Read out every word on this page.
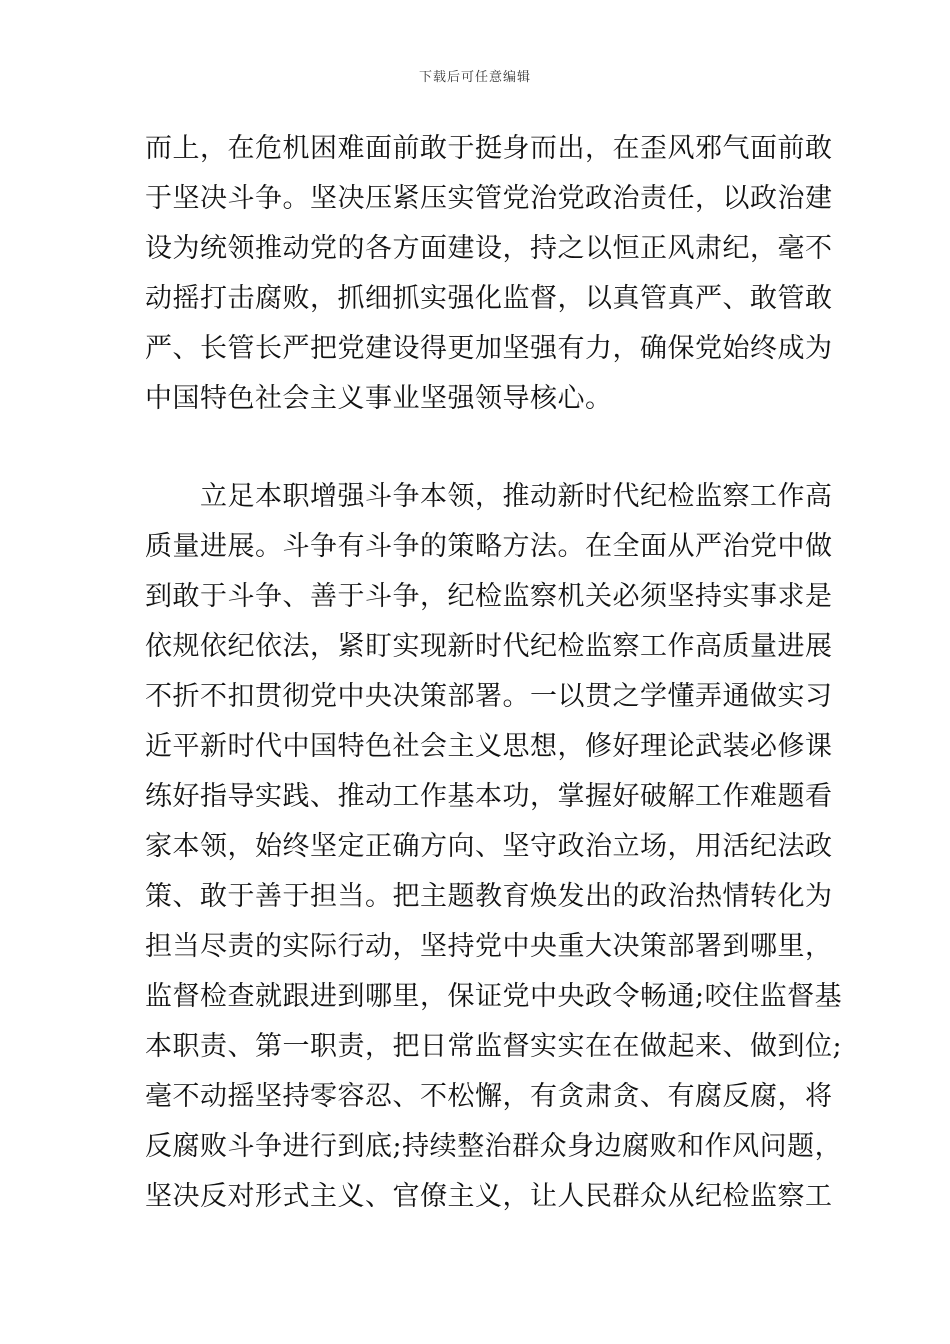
下载后可任意编辑
而上，在危机困难面前敢于挺身而出，在歪风邪气面前敢
于坚决斗争。坚决压紧压实管党治党政治责任，以政治建
设为统领推动党的各方面建设，持之以恒正风肃纪，毫不
动摇打击腐败，抓细抓实强化监督，以真管真严、敢管敢
严、长管长严把党建设得更加坚强有力，确保党始终成为
中国特色社会主义事业坚强领导核心。
立足本职增强斗争本领，推动新时代纪检监察工作高
质量进展。斗争有斗争的策略方法。在全面从严治党中做
到敢于斗争、善于斗争，纪检监察机关必须坚持实事求是
依规依纪依法，紧盯实现新时代纪检监察工作高质量进展
不折不扣贯彻党中央决策部署。一以贯之学懂弄通做实习
近平新时代中国特色社会主义思想，修好理论武装必修课
练好指导实践、推动工作基本功，掌握好破解工作难题看
家本领，始终坚定正确方向、坚守政治立场，用活纪法政
策、敢于善于担当。把主题教育焕发出的政治热情转化为
担当尽责的实际行动，坚持党中央重大决策部署到哪里，
监督检查就跟进到哪里，保证党中央政令畅通;咬住监督基
本职责、第一职责，把日常监督实实在在做起来、做到位;
毫不动摇坚持零容忍、不松懈，有贪肃贪、有腐反腐，将
反腐败斗争进行到底;持续整治群众身边腐败和作风问题，
坚决反对形式主义、官僚主义，让人民群众从纪检监察工
